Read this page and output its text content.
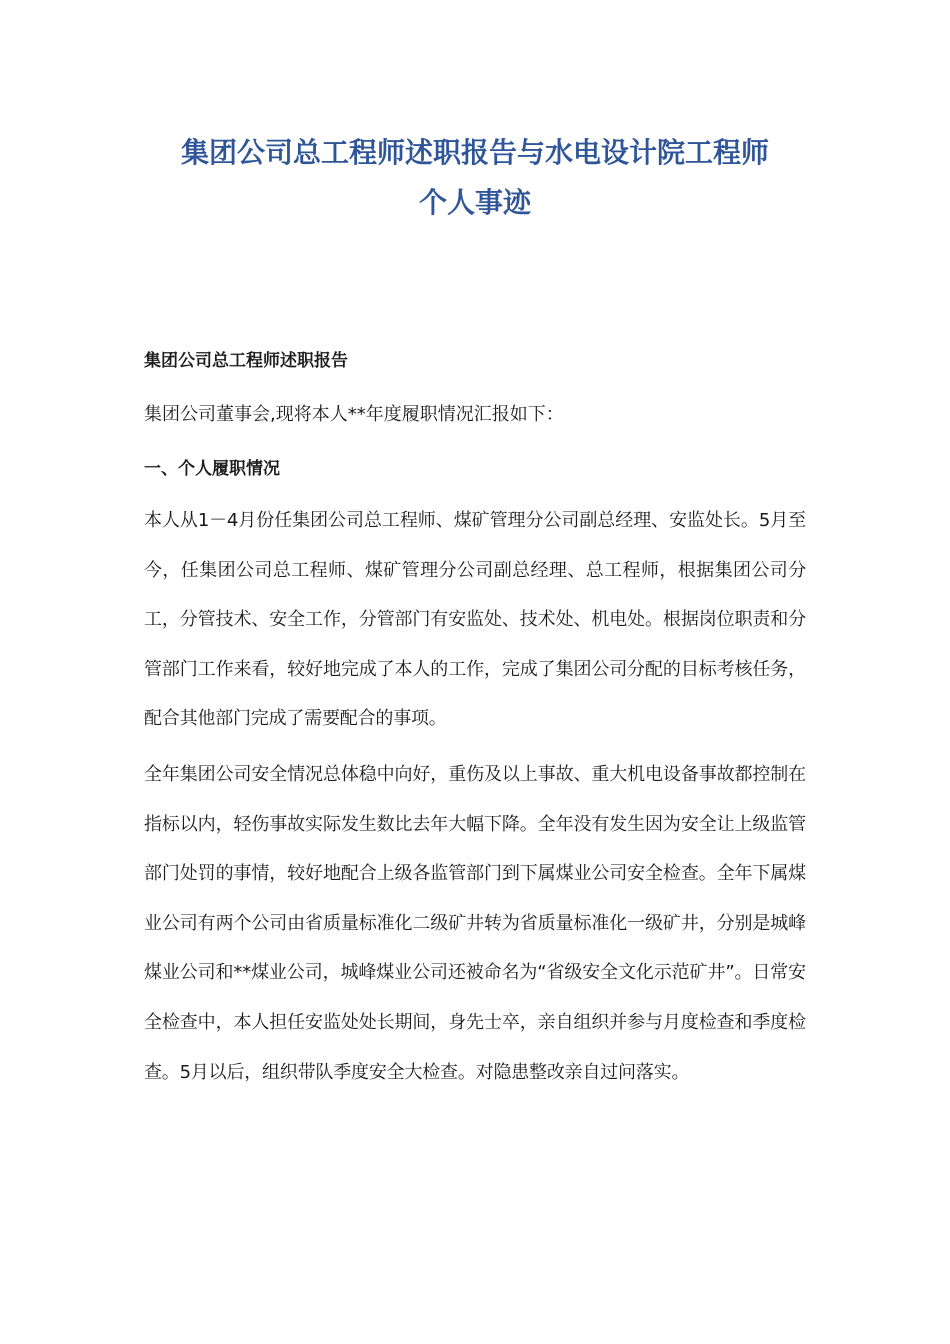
集团公司总工程师述职报告与水电设计院工程师
个人事迹

集团公司总工程师述职报告

集团公司董事会,现将本人**年度履职情况汇报如下：

一、个人履职情况

本人从1－4月份任集团公司总工程师、煤矿管理分公司副总经理、安监处长。5月至今，任集团公司总工程师、煤矿管理分公司副总经理、总工程师，根据集团公司分工，分管技术、安全工作，分管部门有安监处、技术处、机电处。根据岗位职责和分管部门工作来看，较好地完成了本人的工作，完成了集团公司分配的目标考核任务，配合其他部门完成了需要配合的事项。

全年集团公司安全情况总体稳中向好，重伤及以上事故、重大机电设备事故都控制在指标以内，轻伤事故实际发生数比去年大幅下降。全年没有发生因为安全让上级监管部门处罚的事情，较好地配合上级各监管部门到下属煤业公司安全检查。全年下属煤业公司有两个公司由省质量标准化二级矿井转为省质量标准化一级矿井，分别是城峰煤业公司和**煤业公司，城峰煤业公司还被命名为“省级安全文化示范矿井”。日常安全检查中，本人担任安监处处长期间，身先士卒，亲自组织并参与月度检查和季度检查。5月以后，组织带队季度安全大检查。对隐患整改亲自过问落实。
